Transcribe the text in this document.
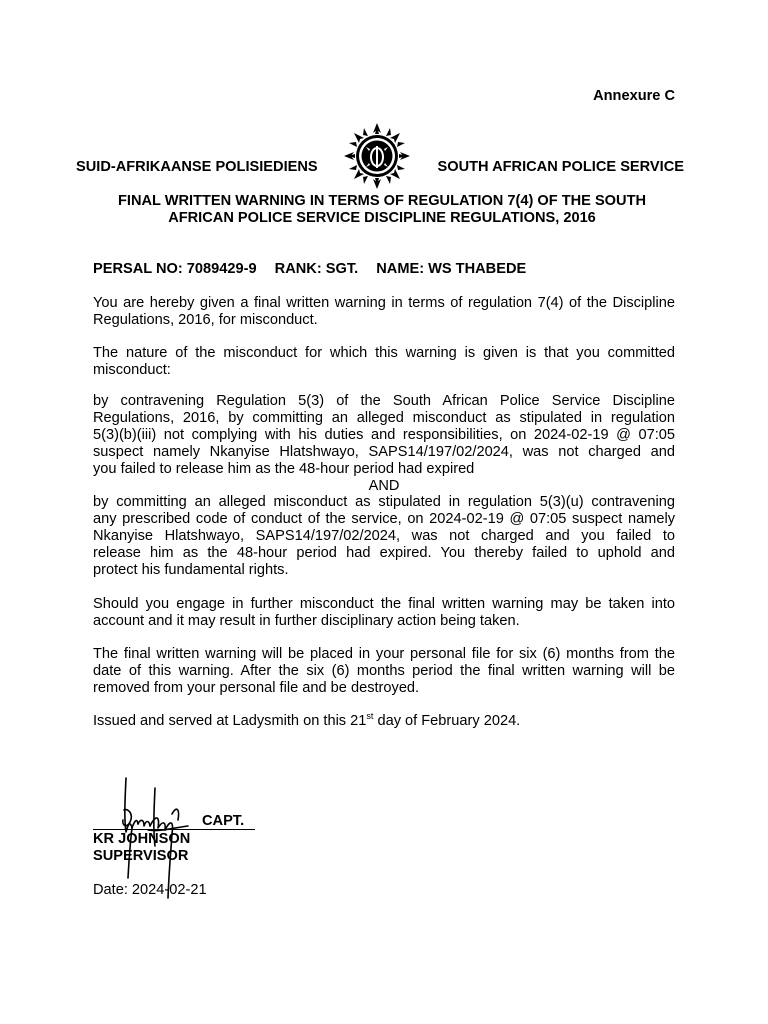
Annexure C
SUID-AFRIKAANSE POLISIEDIENS	SOUTH AFRICAN POLICE SERVICE
FINAL WRITTEN WARNING IN TERMS OF REGULATION 7(4) OF THE SOUTH
AFRICAN POLICE SERVICE DISCIPLINE REGULATIONS, 2016
PERSAL NO: 7089429-9 RANK: SGT. NAME: WS THABEDE
You are hereby given a final written warning in terms of regulation 7(4) of the Discipline
Regulations, 2016, for misconduct.
The nature of the misconduct for which this warning is given is that you committed
misconduct:
by contravening Regulation 5(3) of the South African Police Service Discipline
Regulations, 2016, by committing an alleged misconduct as stipulated in regulation
5(3)(b)(iii) not complying with his duties and responsibilities, on 2024-02-19 @ 07:05
suspect namely Nkanyise Hlatshwayo, SAPS14/197/02/2024, was not charged and
you failed to release him as the 48-hour period had expired
AND
by committing an alleged misconduct as stipulated in regulation 5(3)(u) contravening
any prescribed code of conduct of the service, on 2024-02-19 @ 07:05 suspect namely
Nkanyise Hlatshwayo, SAPS14/197/02/2024, was not charged and you failed to
release him as the 48-hour period had expired. You thereby failed to uphold and
protect his fundamental rights.
Should you engage in further misconduct the final written warning may be taken into
account and it may result in further disciplinary action being taken.
The final written warning will be placed in your personal file for six (6) months from the
date of this warning. After the six (6) months period the final written warning will be
removed from your personal file and be destroyed.
Issued and served at Ladysmith on this 21st day of February 2024.
CAPT.
KR JOHNSON
SUPERVISOR
Date: 2024-02-21
